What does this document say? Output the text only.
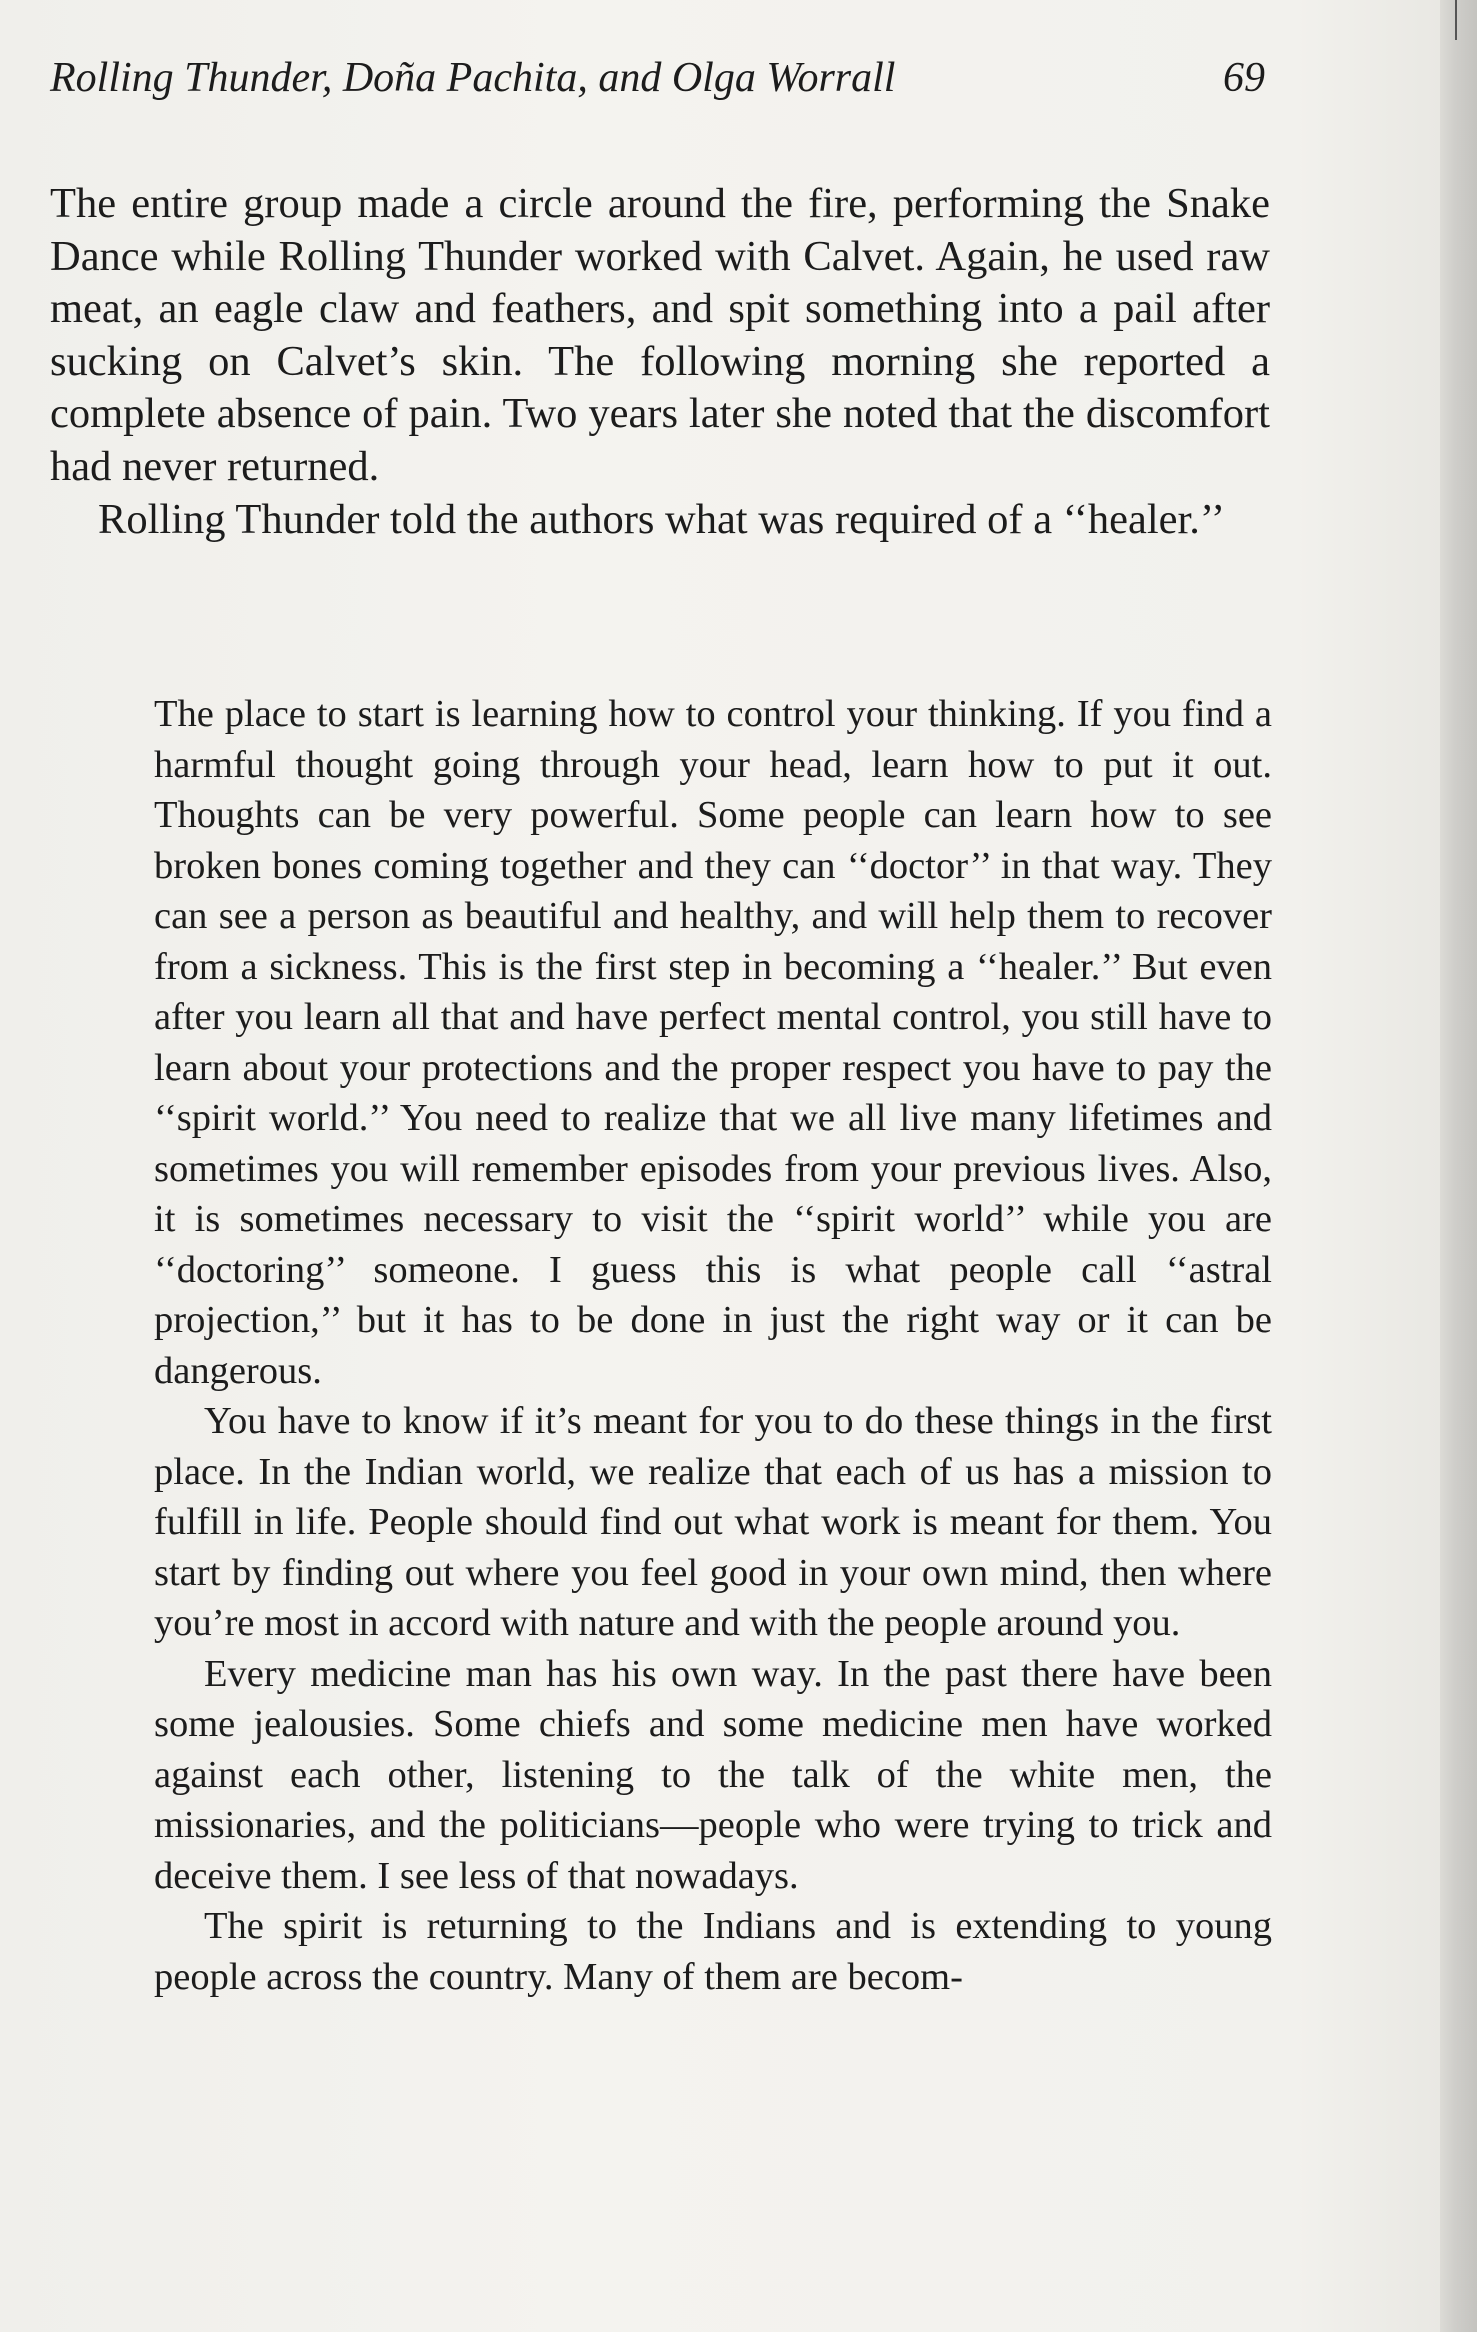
Rolling Thunder, Doña Pachita, and Olga Worrall	69

The entire group made a circle around the fire, performing the Snake Dance while Rolling Thunder worked with Calvet. Again, he used raw meat, an eagle claw and feathers, and spit something into a pail after sucking on Calvet’s skin. The following morning she reported a complete absence of pain. Two years later she noted that the discomfort had never returned.

Rolling Thunder told the authors what was required of a ‘‘healer.’’

The place to start is learning how to control your thinking. If you find a harmful thought going through your head, learn how to put it out. Thoughts can be very powerful. Some people can learn how to see broken bones coming together and they can ‘‘doctor’’ in that way. They can see a person as beautiful and healthy, and will help them to recover from a sickness. This is the first step in becoming a ‘‘healer.’’ But even after you learn all that and have perfect mental control, you still have to learn about your protections and the proper respect you have to pay the ‘‘spirit world.’’ You need to realize that we all live many lifetimes and sometimes you will remember episodes from your previous lives. Also, it is sometimes necessary to visit the ‘‘spirit world’’ while you are ‘‘doctoring’’ someone. I guess this is what people call ‘‘astral projection,’’ but it has to be done in just the right way or it can be dangerous.

You have to know if it’s meant for you to do these things in the first place. In the Indian world, we realize that each of us has a mission to fulfill in life. People should find out what work is meant for them. You start by finding out where you feel good in your own mind, then where you’re most in accord with nature and with the people around you.

Every medicine man has his own way. In the past there have been some jealousies. Some chiefs and some medicine men have worked against each other, listening to the talk of the white men, the missionaries, and the politicians—people who were trying to trick and deceive them. I see less of that nowadays.

The spirit is returning to the Indians and is extending to young people across the country. Many of them are becom-
